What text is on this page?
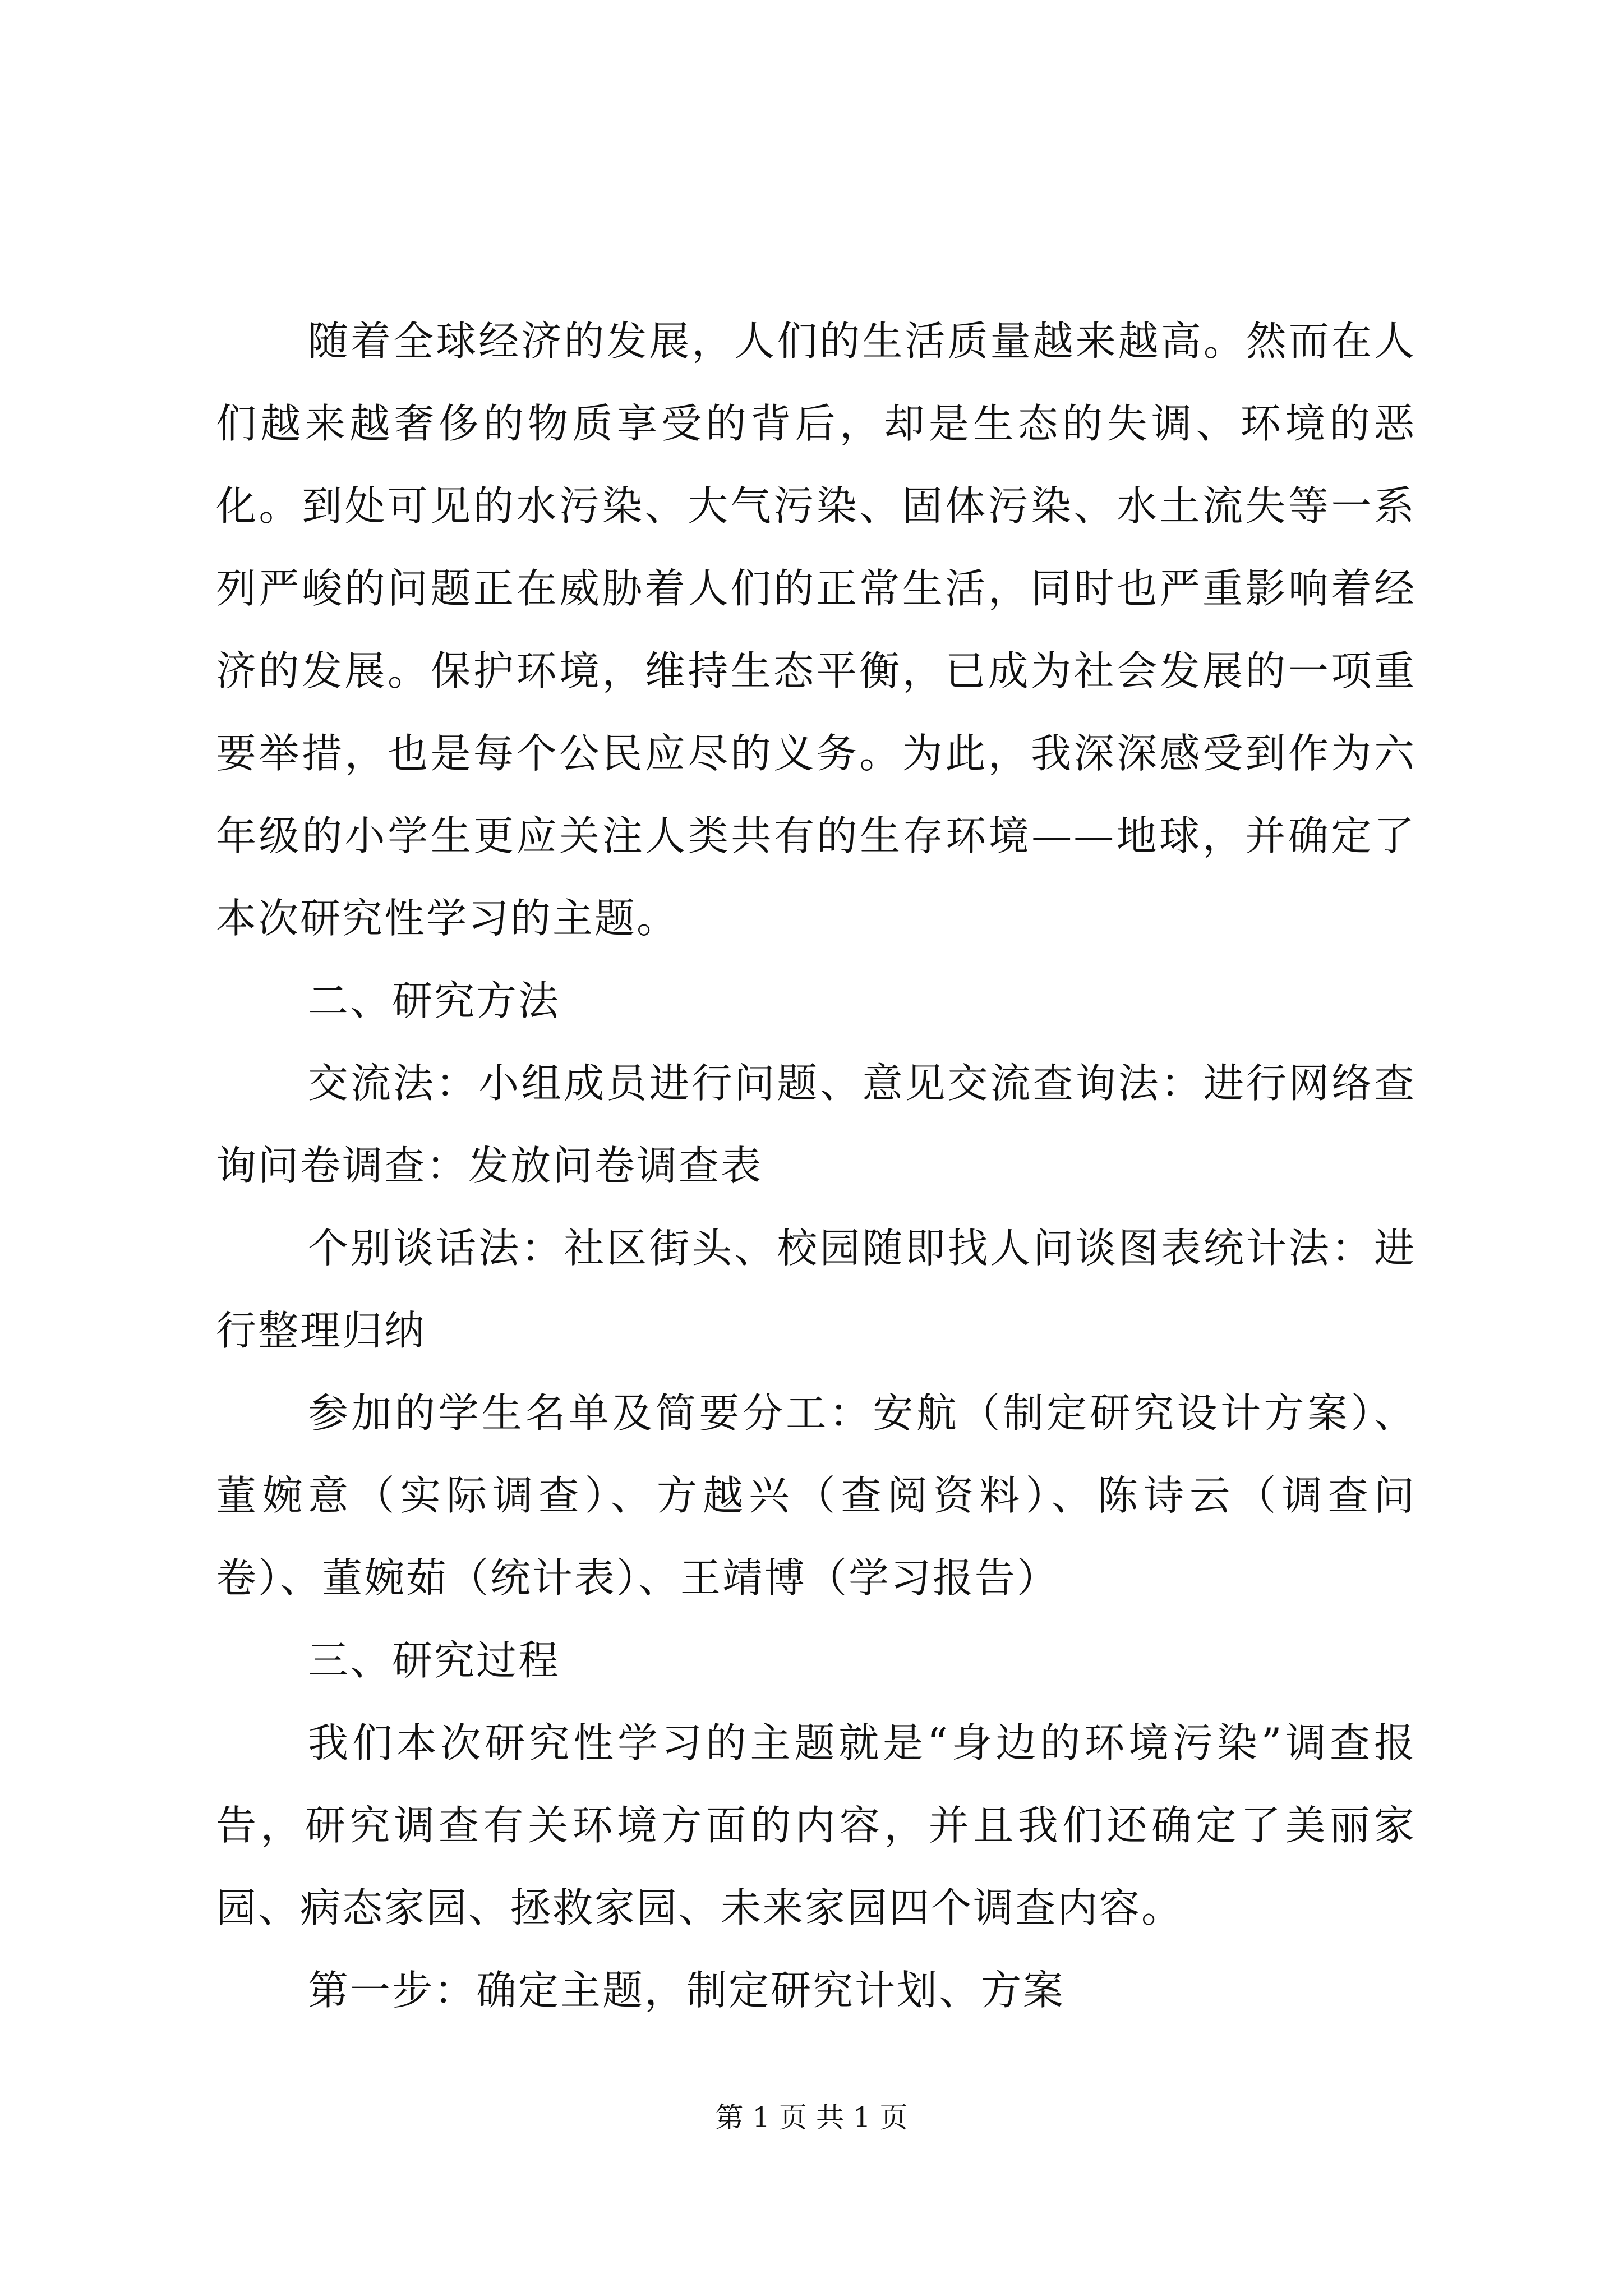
随着全球经济的发展，人们的生活质量越来越高。然而在人们越来越奢侈的物质享受的背后，却是生态的失调、环境的恶化。到处可见的水污染、大气污染、固体污染、水土流失等一系列严峻的问题正在威胁着人们的正常生活，同时也严重影响着经济的发展。保护环境，维持生态平衡，已成为社会发展的一项重要举措，也是每个公民应尽的义务。为此，我深深感受到作为六年级的小学生更应关注人类共有的生存环境——地球，并确定了本次研究性学习的主题。

二、研究方法

交流法：小组成员进行问题、意见交流查询法：进行网络查询问卷调查：发放问卷调查表

个别谈话法：社区街头、校园随即找人问谈图表统计法：进行整理归纳

参加的学生名单及简要分工：安航（制定研究设计方案）、董婉意（实际调查）、方越兴（查阅资料）、陈诗云（调查问卷）、董婉茹（统计表）、王靖博（学习报告）

三、研究过程

我们本次研究性学习的主题就是“身边的环境污染”调查报告，研究调查有关环境方面的内容，并且我们还确定了美丽家园、病态家园、拯救家园、未来家园四个调查内容。

第一步：确定主题，制定研究计划、方案

第 1 页 共 1 页
